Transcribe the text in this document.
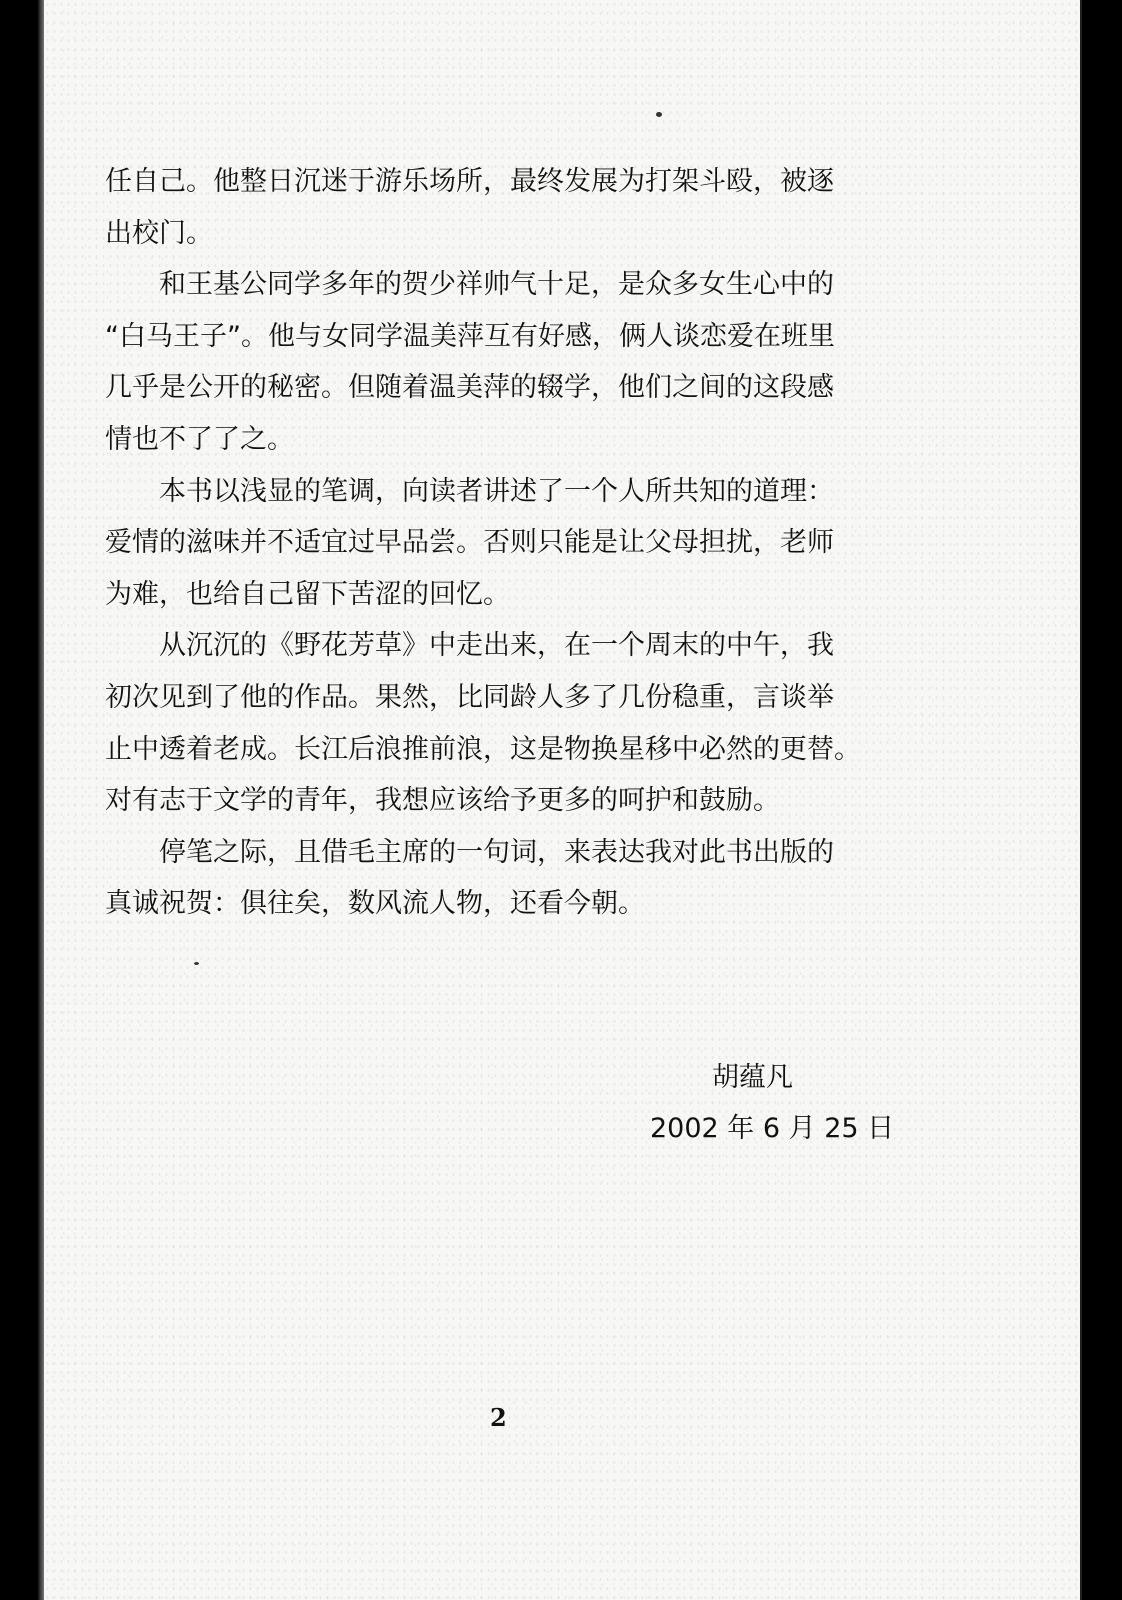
任自己。他整日沉迷于游乐场所，最终发展为打架斗殴，被逐
出校门。

和王基公同学多年的贺少祥帅气十足，是众多女生心中的
“白马王子”。他与女同学温美萍互有好感，俩人谈恋爱在班里
几乎是公开的秘密。但随着温美萍的辍学，他们之间的这段感
情也不了了之。

本书以浅显的笔调，向读者讲述了一个人所共知的道理：
爱情的滋味并不适宜过早品尝。否则只能是让父母担扰，老师
为难，也给自己留下苦涩的回忆。

从沉沉的《野花芳草》中走出来，在一个周末的中午，我
初次见到了他的作品。果然，比同龄人多了几份稳重，言谈举
止中透着老成。长江后浪推前浪，这是物换星移中必然的更替。
对有志于文学的青年，我想应该给予更多的呵护和鼓励。

停笔之际，且借毛主席的一句词，来表达我对此书出版的
真诚祝贺：俱往矣，数风流人物，还看今朝。

胡蕴凡
2002 年 6 月 25 日
2
